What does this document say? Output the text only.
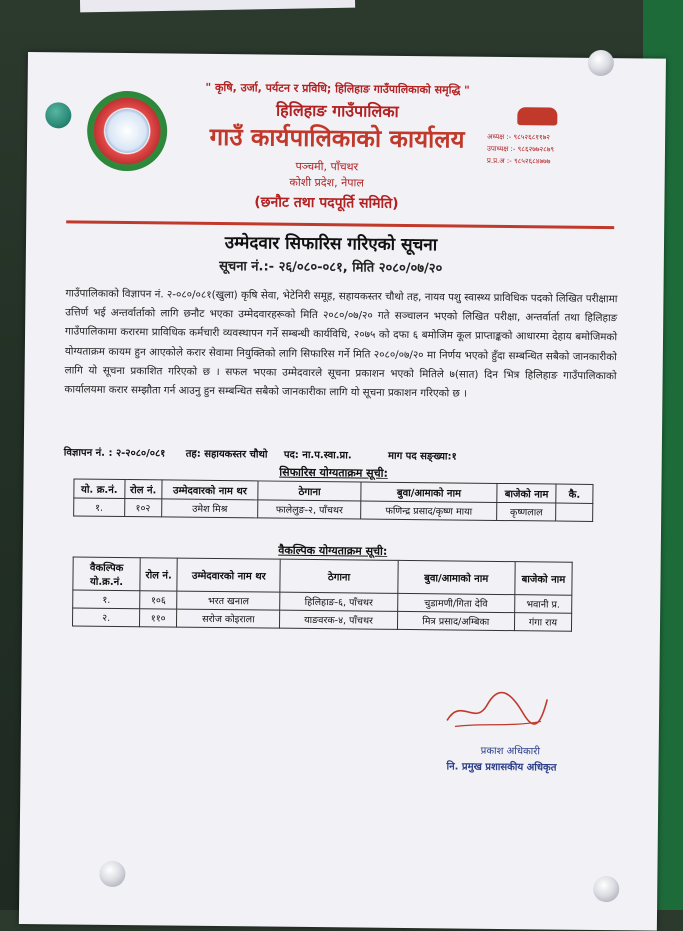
" कृषि, उर्जा, पर्यटन र प्रविधि; हिलिहाङ गाउँपालिकाको समृद्धि "
हिलिहाङ गाउँपालिका
गाउँ कार्यपालिकाको कार्यालय
पञ्चमी, पाँचथर
कोशी प्रदेश, नेपाल
(छनौट तथा पदपूर्ति समिति)
अध्यक्ष :- ९८५२६८११७२
उपाध्यक्ष :- ९८६२७७२८७९
प्र.प्र.अ :- ९८५२६८४७७७
उम्मेदवार सिफारिस गरिएको सूचना
सूचना नं.:- २६/०८०-०८१, मिति २०८०/०७/२०
गाउँपालिकाको विज्ञापन नं. २-०८०/०८१(खुला) कृषि सेवा, भेटेनिरी समूह, सहायकस्तर चौथो तह, नायव पशु स्वास्थ्य प्राविधिक पदको लिखित परीक्षामा उत्तिर्ण भई अन्तर्वार्ताको लागि छनौट भएका उम्मेदवारहरूको मिति २०८०/०७/२० गते सञ्चालन भएको लिखित परीक्षा, अन्तर्वार्ता तथा हिलिहाङ गाउँपालिकामा करारमा प्राविधिक कर्मचारी व्यवस्थापन गर्ने सम्बन्धी कार्यविधि, २०७५ को दफा ६ बमोजिम कूल प्राप्ताङ्कको आधारमा देहाय बमोजिमको योग्यताक्रम कायम हुन आएकोले करार सेवामा नियुक्तिको लागि सिफारिस गर्ने मिति २०८०/०७/२० मा निर्णय भएको हुँदा सम्बन्धित सबैको जानकारीको लागि यो सूचना प्रकाशित गरिएको छ । सफल भएका उम्मेदवारले सूचना प्रकाशन भएको मितिले ७(सात) दिन भित्र हिलिहाङ गाउँपालिकाको कार्यालयमा करार सम्झौता गर्न आउनु हुन सम्बन्धित सबैको जानकारीका लागि यो सूचना प्रकाशन गरिएको छ ।
विज्ञापन नं. : २-२०८०/०८१ तह: सहायकस्तर चौथो पद: ना.प.स्वा.प्रा.	माग पद सङ्ख्या:१
सिफारिस योग्यताक्रम सूची:
यो. क्र.नं.	रोल नं.	उम्मेदवारको नाम थर	ठेगाना	बुवा/आमाको नाम	बाजेको नाम	कै.
१.	१०२	उमेश मिश्र	फालेलुङ-२, पाँचथर	फणिन्द्र प्रसाद/कृष्ण माया	कृष्णलाल	
वैकल्पिक योग्यताक्रम सूची:
वैकल्पिक यो.क्र.नं.	रोल नं.	उम्मेदवारको नाम थर	ठेगाना	बुवा/आमाको नाम	बाजेको नाम
१.	१०६	भरत खनाल	हिलिहाङ-६, पाँचथर	चुडामणी/गिता देवि	भवानी प्र.
२.	११०	सरोज कोइराला	याङवरक-४, पाँचथर	मित्र प्रसाद/अम्बिका	गंगा राय
प्रकाश अधिकारी
नि. प्रमुख प्रशासकीय अधिकृत
